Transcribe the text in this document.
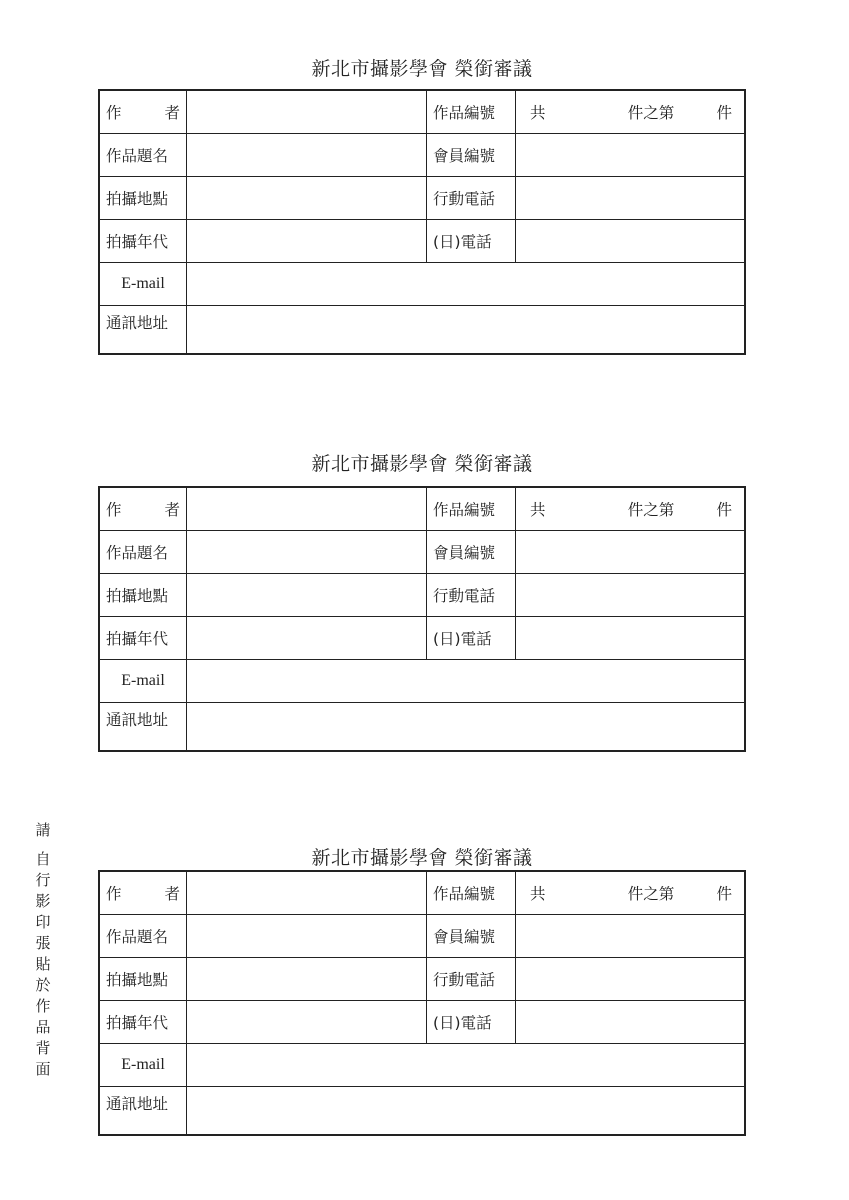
新北市攝影學會 榮銜審議
作 者		作品編號	共 件之第 件

作品題名		會員編號	
拍攝地點		行動電話	
拍攝年代		(日)電話	
E-mail			
通訊地址			
新北市攝影學會 榮銜審議
作 者		作品編號	共 件之第 件

作品題名		會員編號	
拍攝地點		行動電話	
拍攝年代		(日)電話	
E-mail			
通訊地址			
新北市攝影學會 榮銜審議
作 者		作品編號	共 件之第 件

作品題名		會員編號	
拍攝地點		行動電話	
拍攝年代		(日)電話	
E-mail			
通訊地址			
請
自
行
影
印
張
貼
於
作
品
背
面
